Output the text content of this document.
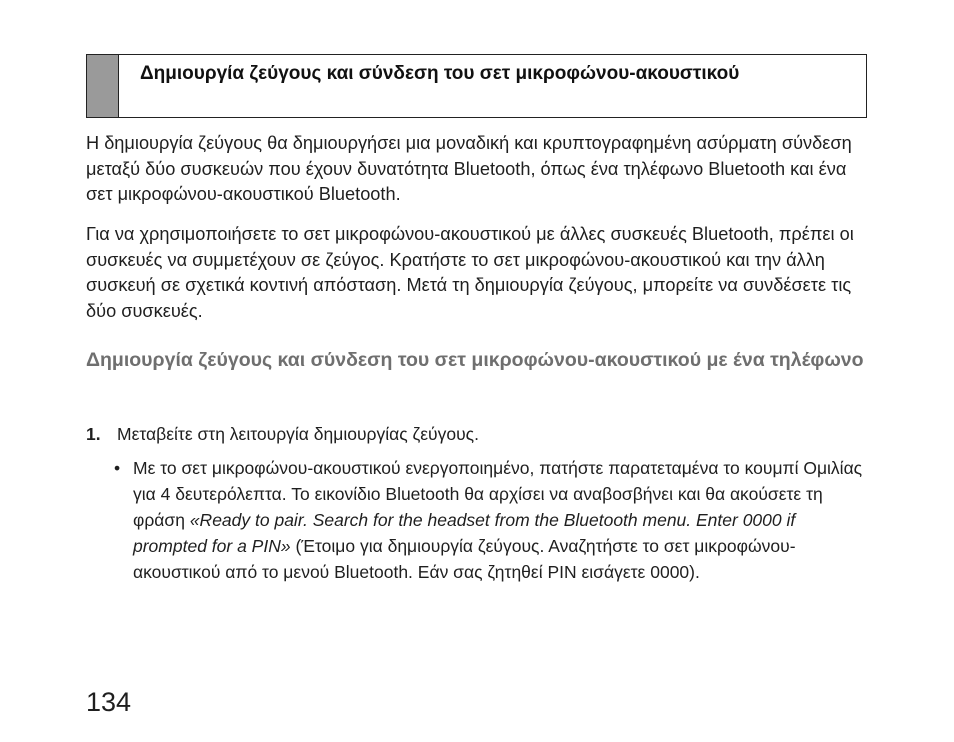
Δημιουργία ζεύγους και σύνδεση του σετ μικροφώνου-ακουστικού

Η δημιουργία ζεύγους θα δημιουργήσει μια μοναδική και κρυπτογραφημένη ασύρματη σύνδεση μεταξύ δύο συσκευών που έχουν δυνατότητα Bluetooth, όπως ένα τηλέφωνο Bluetooth και ένα σετ μικροφώνου-ακουστικού Bluetooth.

Για να χρησιμοποιήσετε το σετ μικροφώνου-ακουστικού με άλλες συσκευές Bluetooth, πρέπει οι συσκευές να συμμετέχουν σε ζεύγος. Κρατήστε το σετ μικροφώνου-ακουστικού και την άλλη συσκευή σε σχετικά κοντινή απόσταση. Μετά τη δημιουργία ζεύγους, μπορείτε να συνδέσετε τις δύο συσκευές.

Δημιουργία ζεύγους και σύνδεση του σετ μικροφώνου-ακουστικού με ένα τηλέφωνο

1. Μεταβείτε στη λειτουργία δημιουργίας ζεύγους.

• Με το σετ μικροφώνου-ακουστικού ενεργοποιημένο, πατήστε παρατεταμένα το κουμπί Ομιλίας για 4 δευτερόλεπτα. Το εικονίδιο Bluetooth θα αρχίσει να αναβοσβήνει και θα ακούσετε τη φράση «Ready to pair. Search for the headset from the Bluetooth menu. Enter 0000 if prompted for a PIN» (Έτοιμο για δημιουργία ζεύγους. Αναζητήστε το σετ μικροφώνου-ακουστικού από το μενού Bluetooth. Εάν σας ζητηθεί PIN εισάγετε 0000).

134
